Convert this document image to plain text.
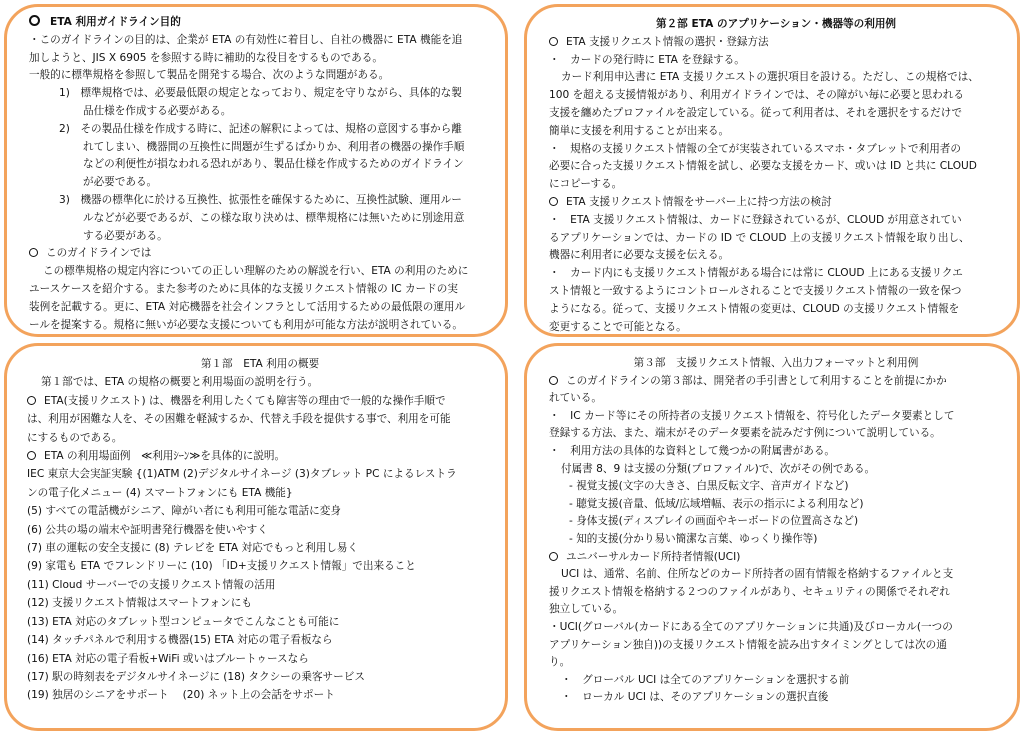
ETA 利用ガイドライン目的
・このガイドラインの目的は、企業が ETA の有効性に着目し、自社の機器に ETA 機能を追
加しようと、JIS X 6905 を参照する時に補助的な役目をするものである。
一般的に標準規格を参照して製品を開発する場合、次のような問題がある。
1)　標準規格では、必要最低限の規定となっており、規定を守りながら、具体的な製
品仕様を作成する必要がある。
2)　その製品仕様を作成する時に、記述の解釈によっては、規格の意図する事から離
れてしまい、機器間の互換性に問題が生ずるばかりか、利用者の機器の操作手順
などの利便性が損なわれる恐れがあり、製品仕様を作成するためのガイドライン
が必要である。
3)　機器の標準化に於ける互換性、拡張性を確保するために、互換性試験、運用ルー
ルなどが必要であるが、この様な取り決めは、標準規格には無いために別途用意
する必要がある。
このガイドラインでは
この標準規格の規定内容についての正しい理解のための解説を行い、ETA の利用のために
ユースケースを紹介する。また参考のために具体的な支援リクエスト情報の IC カードの実
装例を記載する。更に、ETA 対応機器を社会インフラとして活用するための最低限の運用ル
ールを提案する。規格に無いが必要な支援についても利用が可能な方法が説明されている。
第２部 ETA のアプリケーション・機器等の利用例
ETA 支援リクエスト情報の選択・登録方法
・　カードの発行時に ETA を登録する。
カード利用申込書に ETA 支援リクエストの選択項目を設ける。ただし、この規格では、
100 を超える支援情報があり、利用ガイドラインでは、その障がい毎に必要と思われる
支援を纏めたプロファイルを設定している。従って利用者は、それを選択をするだけで
簡単に支援を利用することが出来る。
・　規格の支援リクエスト情報の全てが実装されているスマホ・タブレットで利用者の
必要に合った支援リクエスト情報を試し、必要な支援をカード、或いは ID と共に CLOUD
にコピーする。
ETA 支援リクエスト情報をサーバー上に持つ方法の検討
・　ETA 支援リクエスト情報は、カードに登録されているが、CLOUD が用意されてい
るアプリケーションでは、カードの ID で CLOUD 上の支援リクエスト情報を取り出し、
機器に利用者に必要な支援を伝える。
・　カード内にも支援リクエスト情報がある場合には常に CLOUD 上にある支援リクエ
スト情報と一致するようにコントロールされることで支援リクエスト情報の一致を保つ
ようになる。従って、支援リクエスト情報の変更は、CLOUD の支援リクエスト情報を
変更することで可能となる。
第１部　ETA 利用の概要
第１部では、ETA の規格の概要と利用場面の説明を行う。
ETA(支援リクエスト) は、機器を利用したくても障害等の理由で一般的な操作手順で
は、利用が困難な人を、その困難を軽減するか、代替え手段を提供する事で、利用を可能
にするものである。
ETA の利用場面例　≪利用ｼｰﾝ≫を具体的に説明。
IEC 東京大会実証実験 {(1)ATM (2)デジタルサイネージ (3)タブレット PC によるレストラ
ンの電子化メニュー (4) スマートフォンにも ETA 機能}
(5) すべての電話機がシニア、障がい者にも利用可能な電話に変身
(6) 公共の場の端末や証明書発行機器を使いやすく
(7) 車の運転の安全支援に (8) テレビを ETA 対応でもっと利用し易く
(9) 家電も ETA でフレンドリーに (10) 「ID+支援リクエスト情報」で出来ること
(11) Cloud サーバーでの支援リクエスト情報の活用
(12) 支援リクエスト情報はスマートフォンにも
(13) ETA 対応のタブレット型コンピュータでこんなことも可能に
(14) タッチパネルで利用する機器(15) ETA 対応の電子看板なら
(16) ETA 対応の電子看板+WiFi 或いはブルートゥースなら
(17) 駅の時刻表をデジタルサイネージに (18) タクシーの乗客サービス
(19) 独居のシニアをサポート　 (20) ネット上の会話をサポート
第３部　支援リクエスト情報、入出力フォーマットと利用例
このガイドラインの第３部は、開発者の手引書として利用することを前提にかか
れている。
・　IC カード等にその所持者の支援リクエスト情報を、符号化したデータ要素として
登録する方法、また、端末がそのデータ要素を読みだす例について説明している。
・　利用方法の具体的な資料として幾つかの附属書がある。
付属書 8、9 は支援の分類(プロファイル)で、次がその例である。
- 視覚支援(文字の大きさ、白黒反転文字、音声ガイドなど)
- 聴覚支援(音量、低域/広域増幅、表示の指示による利用など)
- 身体支援(ディスプレイの画面やキーボードの位置高さなど)
- 知的支援(分かり易い簡潔な言葉、ゆっくり操作等)
ユニバーサルカード所持者情報(UCI)
UCI は、通常、名前、住所などのカード所持者の固有情報を格納するファイルと支
援リクエスト情報を格納する２つのファイルがあり、セキュリティの関係でそれぞれ
独立している。
・UCI(グローバル(カードにある全てのアプリケーションに共通)及びローカル(一つの
アプリケーション独自))の支援リクエスト情報を読み出すタイミングとしては次の通
り。
・　グローバル UCI は全てのアプリケーションを選択する前
・　ローカル UCI は、そのアプリケーションの選択直後
